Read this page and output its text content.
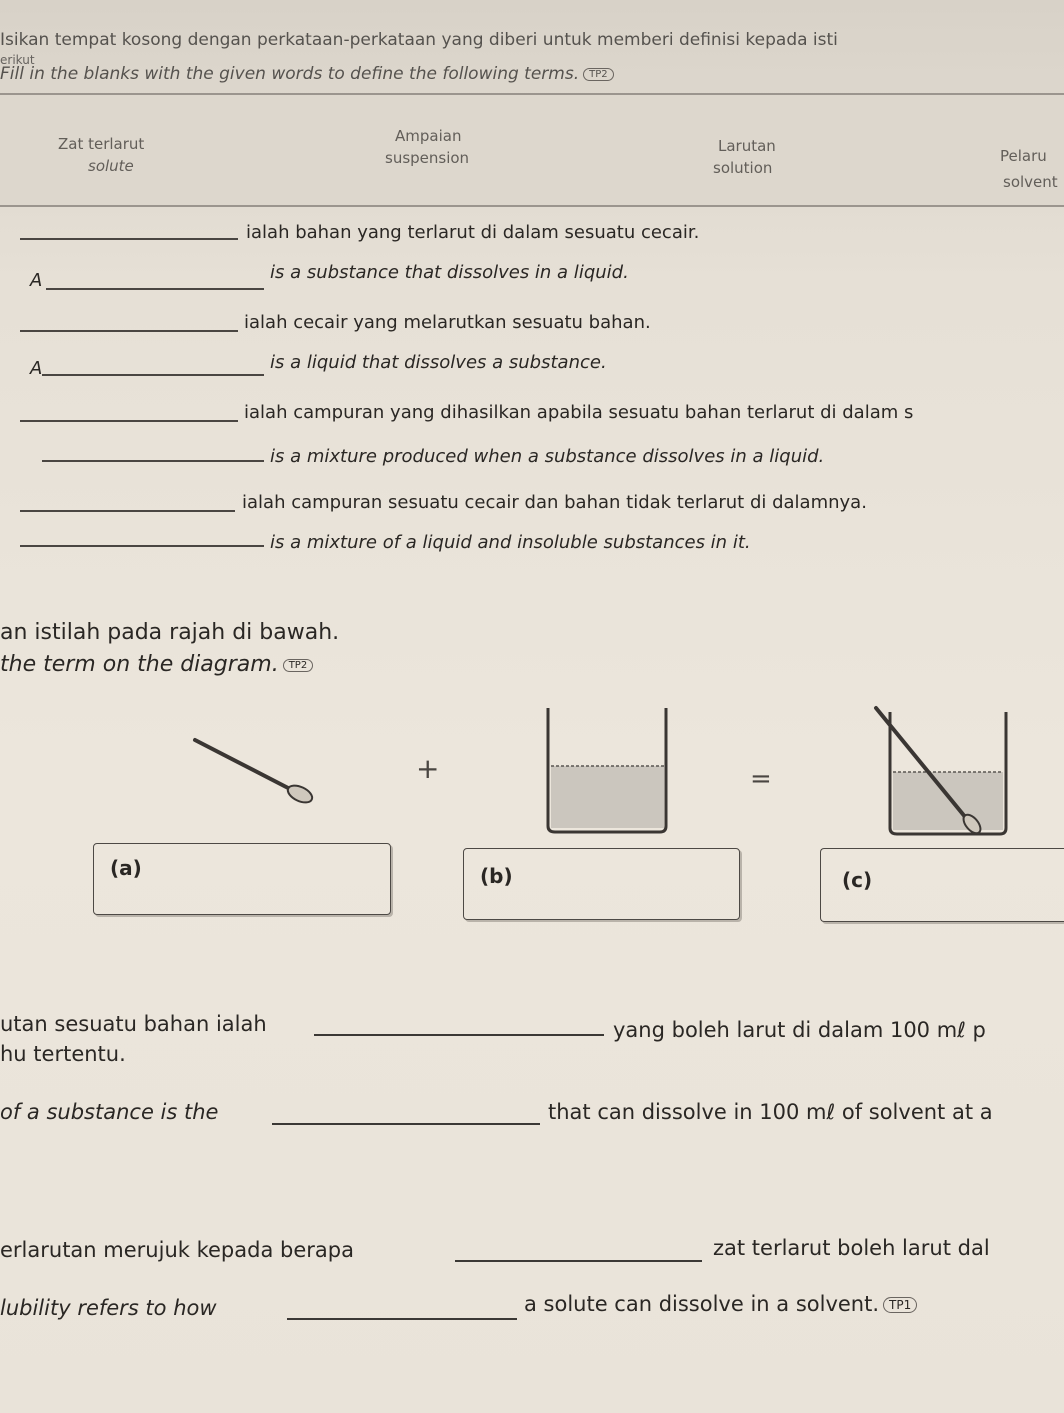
Isikan tempat kosong dengan perkataan-perkataan yang diberi untuk memberi definisi kepada isti
erikut
Fill in the blanks with the given words to define the following terms. TP2
Zat terlarut
solute
Ampaian
suspension
Larutan
solution
Pelaru
solvent
ialah bahan yang terlarut di dalam sesuatu cecair.
A	is a substance that dissolves in a liquid.
ialah cecair yang melarutkan sesuatu bahan.
A	is a liquid that dissolves a substance.
ialah campuran yang dihasilkan apabila sesuatu bahan terlarut di dalam s
is a mixture produced when a substance dissolves in a liquid.
ialah campuran sesuatu cecair dan bahan tidak terlarut di dalamnya.
is a mixture of a liquid and insoluble substances in it.
an istilah pada rajah di bawah.
the term on the diagram. TP2
+	=
(a)	(b)	(c)
utan sesuatu bahan ialah	yang boleh larut di dalam 100 mℓ p
hu tertentu.
of a substance is the	that can dissolve in 100 mℓ of solvent at a
erlarutan merujuk kepada berapa	zat terlarut boleh larut dal
lubility refers to how	a solute can dissolve in a solvent. TP1
